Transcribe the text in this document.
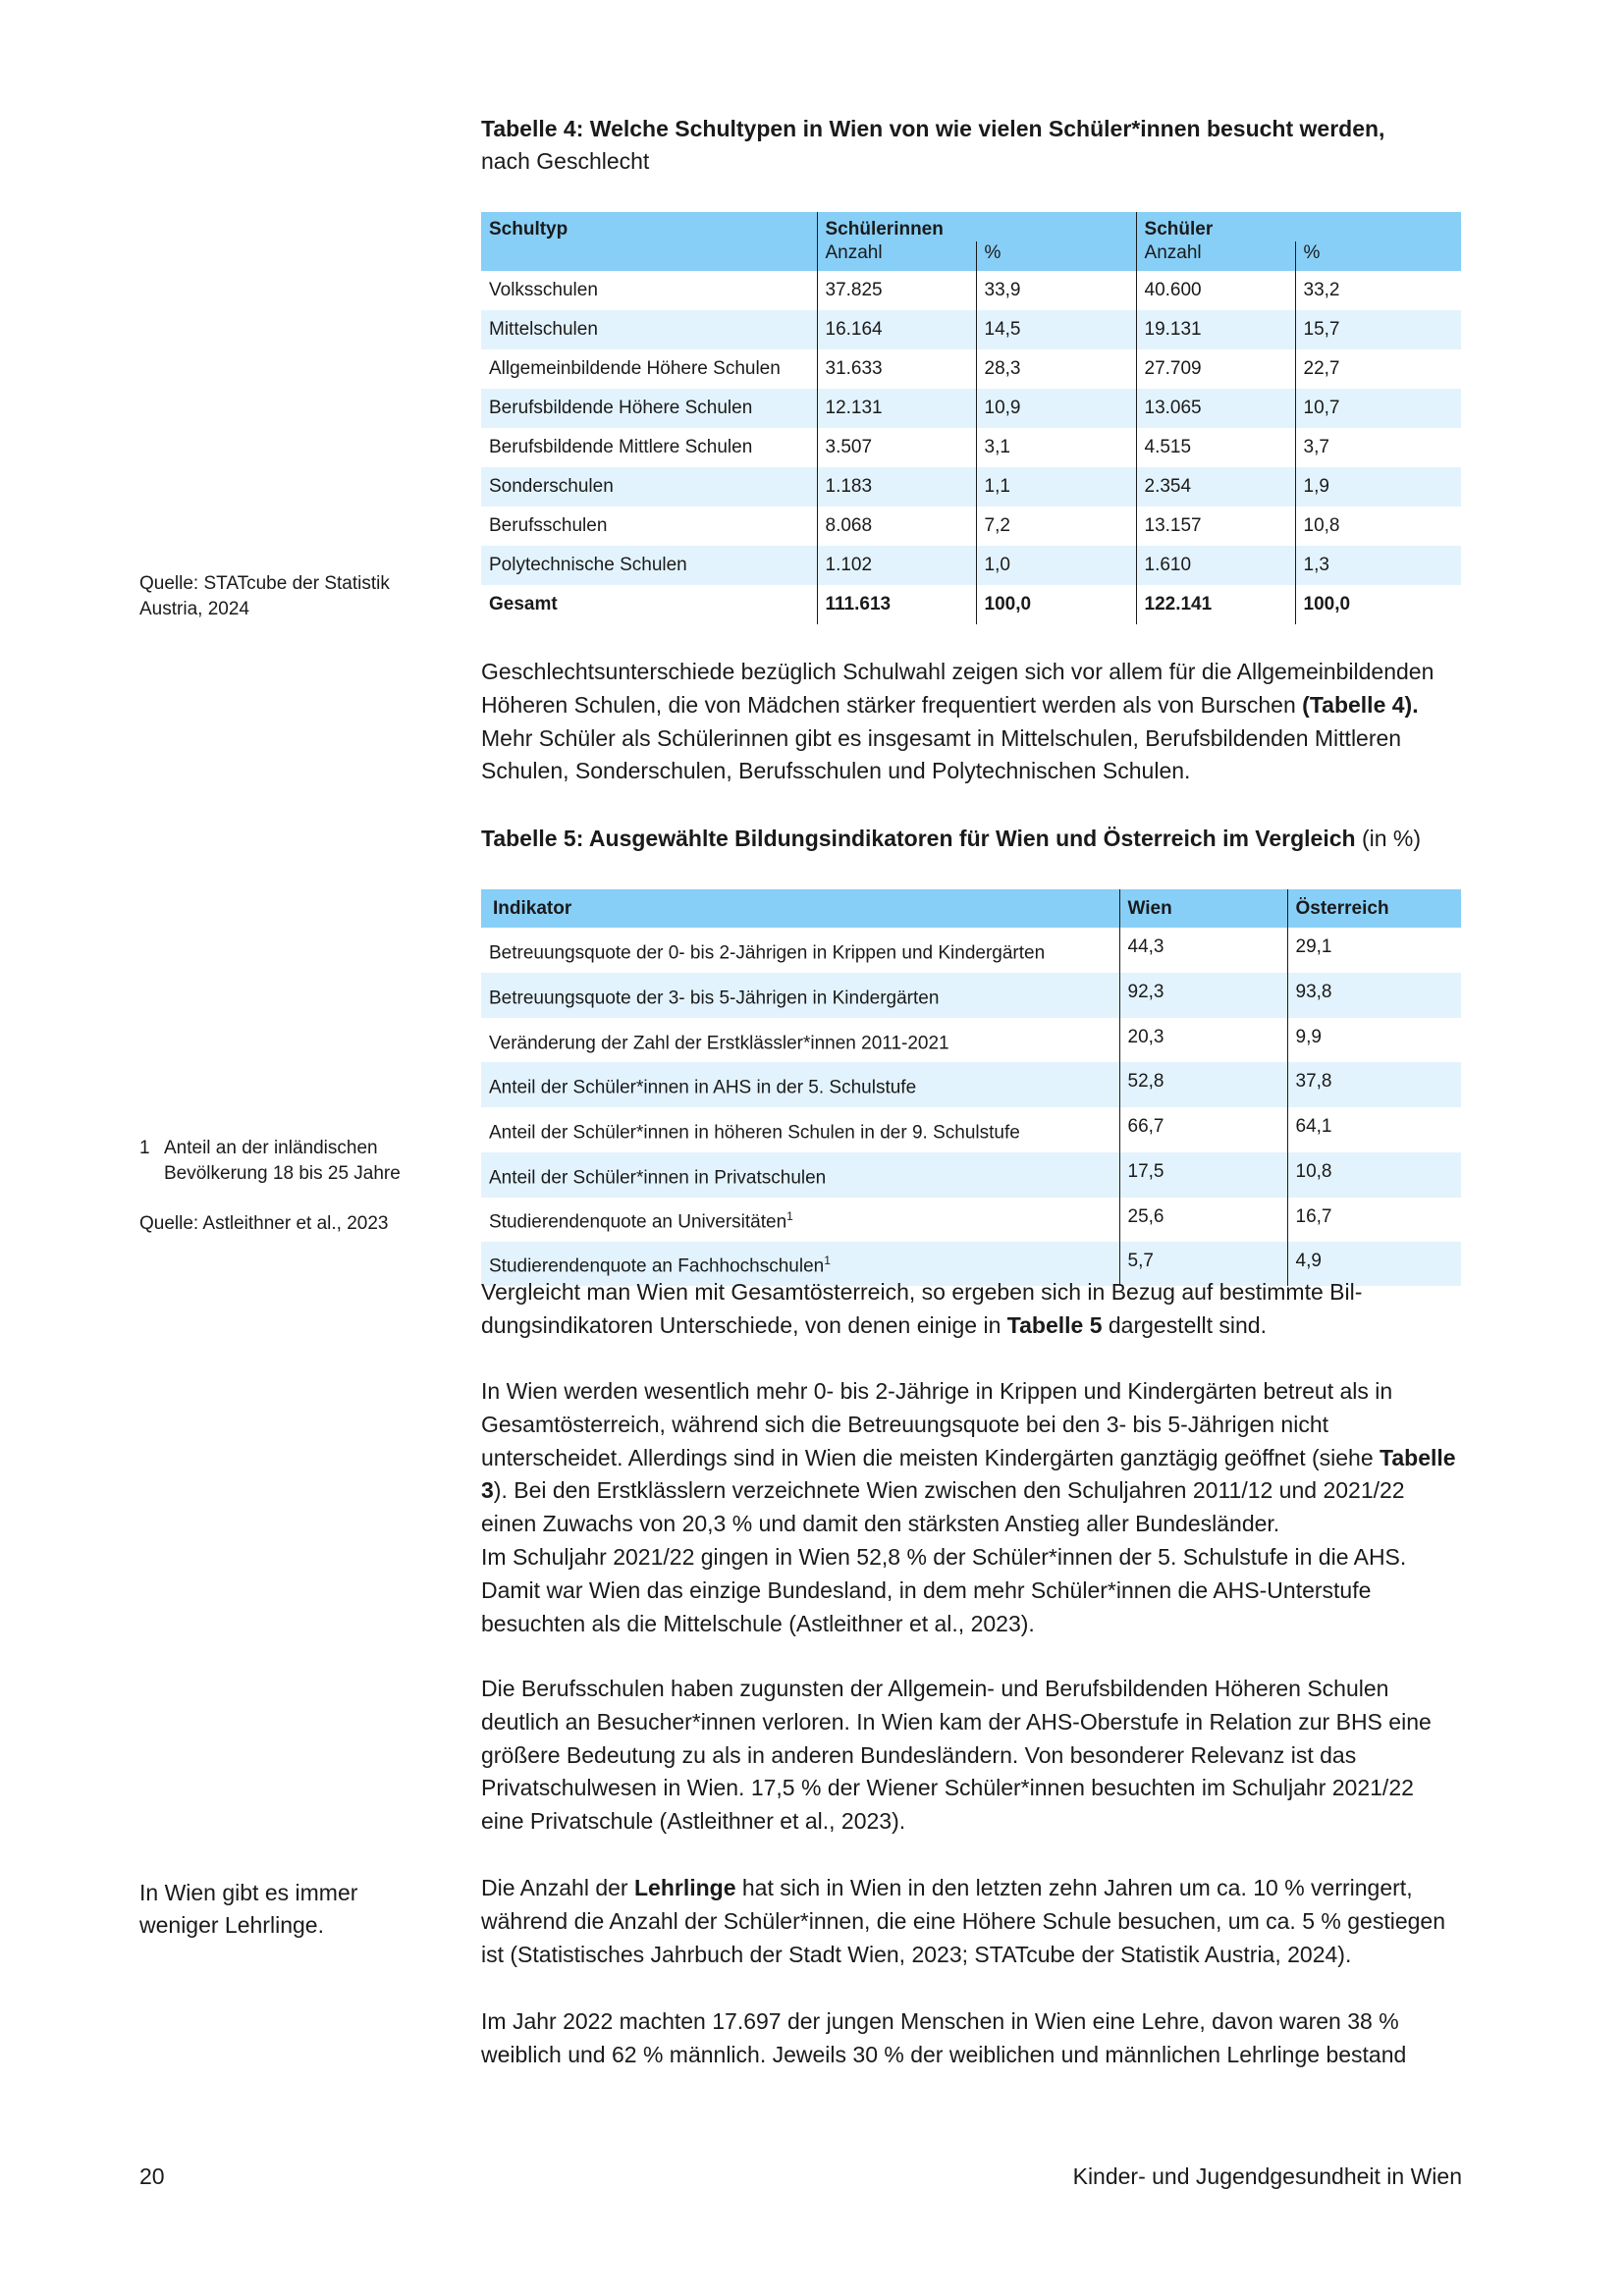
Quelle: STATcube der Statistik Austria, 2024
1 Anteil an der inländischen Bevölkerung 18 bis 25 Jahre
Quelle: Astleithner et al., 2023
In Wien gibt es immer weniger Lehrlinge.
Tabelle 4: Welche Schultypen in Wien von wie vielen Schüler*innen besucht werden,
nach Geschlecht
Schultyp	Schülerinnen		Schüler	
	Anzahl	%	Anzahl	%
Volksschulen	37.825	33,9	40.600	33,2
Mittelschulen	16.164	14,5	19.131	15,7
Allgemeinbildende Höhere Schulen	31.633	28,3	27.709	22,7
Berufsbildende Höhere Schulen	12.131	10,9	13.065	10,7
Berufsbildende Mittlere Schulen	3.507	3,1	4.515	3,7
Sonderschulen	1.183	1,1	2.354	1,9
Berufsschulen	8.068	7,2	13.157	10,8
Polytechnische Schulen	1.102	1,0	1.610	1,3
Gesamt	111.613	100,0	122.141	100,0

Geschlechtsunterschiede bezüglich Schulwahl zeigen sich vor allem für die Allgemeinbildenden Höheren Schulen, die von Mädchen stärker frequentiert werden als von Burschen (Tabelle 4). Mehr Schüler als Schülerinnen gibt es insgesamt in Mittelschulen, Berufsbildenden Mittleren Schulen, Sonderschulen, Berufsschulen und Polytechnischen Schulen.

Tabelle 5: Ausgewählte Bildungsindikatoren für Wien und Österreich im Vergleich (in %)
Indikator	Wien	Österreich
Betreuungsquote der 0- bis 2-Jährigen in Krippen und Kindergärten	44,3	29,1
Betreuungsquote der 3- bis 5-Jährigen in Kindergärten	92,3	93,8
Veränderung der Zahl der Erstklässler*innen 2011-2021	20,3	9,9
Anteil der Schüler*innen in AHS in der 5. Schulstufe	52,8	37,8
Anteil der Schüler*innen in höheren Schulen in der 9. Schulstufe	66,7	64,1
Anteil der Schüler*innen in Privatschulen	17,5	10,8
Studierendenquote an Universitäten$^1$	25,6	16,7
Studierendenquote an Fachhochschulen$^1$	5,7	4,9

Vergleicht man Wien mit Gesamtösterreich, so ergeben sich in Bezug auf bestimmte Bildungsindikatoren Unterschiede, von denen einige in Tabelle 5 dargestellt sind.

In Wien werden wesentlich mehr 0- bis 2-Jährige in Krippen und Kindergärten betreut als in Gesamtösterreich, während sich die Betreuungsquote bei den 3- bis 5-Jährigen nicht unterscheidet. Allerdings sind in Wien die meisten Kindergärten ganztägig geöffnet (siehe Tabelle 3). Bei den Erstklässlern verzeichnete Wien zwischen den Schuljahren 2011/12 und 2021/22 einen Zuwachs von 20,3 % und damit den stärksten Anstieg aller Bundesländer.
Im Schuljahr 2021/22 gingen in Wien 52,8 % der Schüler*innen der 5. Schulstufe in die AHS. Damit war Wien das einzige Bundesland, in dem mehr Schüler*innen die AHS-Unterstufe besuchten als die Mittelschule (Astleithner et al., 2023).

Die Berufsschulen haben zugunsten der Allgemein- und Berufsbildenden Höheren Schulen deutlich an Besucher*innen verloren. In Wien kam der AHS-Oberstufe in Relation zur BHS eine größere Bedeutung zu als in anderen Bundesländern. Von besonderer Relevanz ist das Privatschulwesen in Wien. 17,5 % der Wiener Schüler*innen besuchten im Schuljahr 2021/22 eine Privatschule (Astleithner et al., 2023).

Die Anzahl der Lehrlinge hat sich in Wien in den letzten zehn Jahren um ca. 10 % verringert, während die Anzahl der Schüler*innen, die eine Höhere Schule besuchen, um ca. 5 % gestiegen ist (Statistisches Jahrbuch der Stadt Wien, 2023; STATcube der Statistik Austria, 2024).

Im Jahr 2022 machten 17.697 der jungen Menschen in Wien eine Lehre, davon waren 38 % weiblich und 62 % männlich. Jeweils 30 % der weiblichen und männlichen Lehrlinge bestand

20	Kinder- und Jugendgesundheit in Wien
